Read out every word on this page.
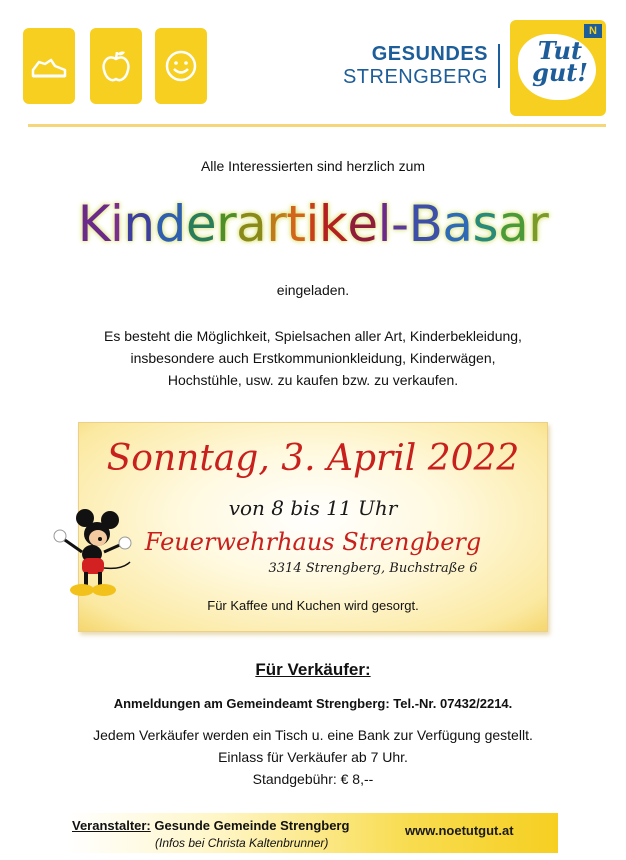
GESUNDES
STRENGBERG
Tut gut!
N
Alle Interessierten sind herzlich zum
Kinderartikel-Basar
eingeladen.
Es besteht die Möglichkeit, Spielsachen aller Art, Kinderbekleidung,
insbesondere auch Erstkommunionkleidung, Kinderwägen,
Hochstühle, usw. zu kaufen bzw. zu verkaufen.
Sonntag, 3. April 2022
von 8 bis 11 Uhr
Feuerwehrhaus Strengberg
3314 Strengberg, Buchstraße 6
Für Kaffee und Kuchen wird gesorgt.
Für Verkäufer:
Anmeldungen am Gemeindeamt Strengberg: Tel.-Nr. 07432/2214.
Jedem Verkäufer werden ein Tisch u. eine Bank zur Verfügung gestellt.
Einlass für Verkäufer ab 7 Uhr.
Standgebühr: € 8,--
Veranstalter: Gesunde Gemeinde Strengberg
(Infos bei Christa Kaltenbrunner)
www.noetutgut.at
